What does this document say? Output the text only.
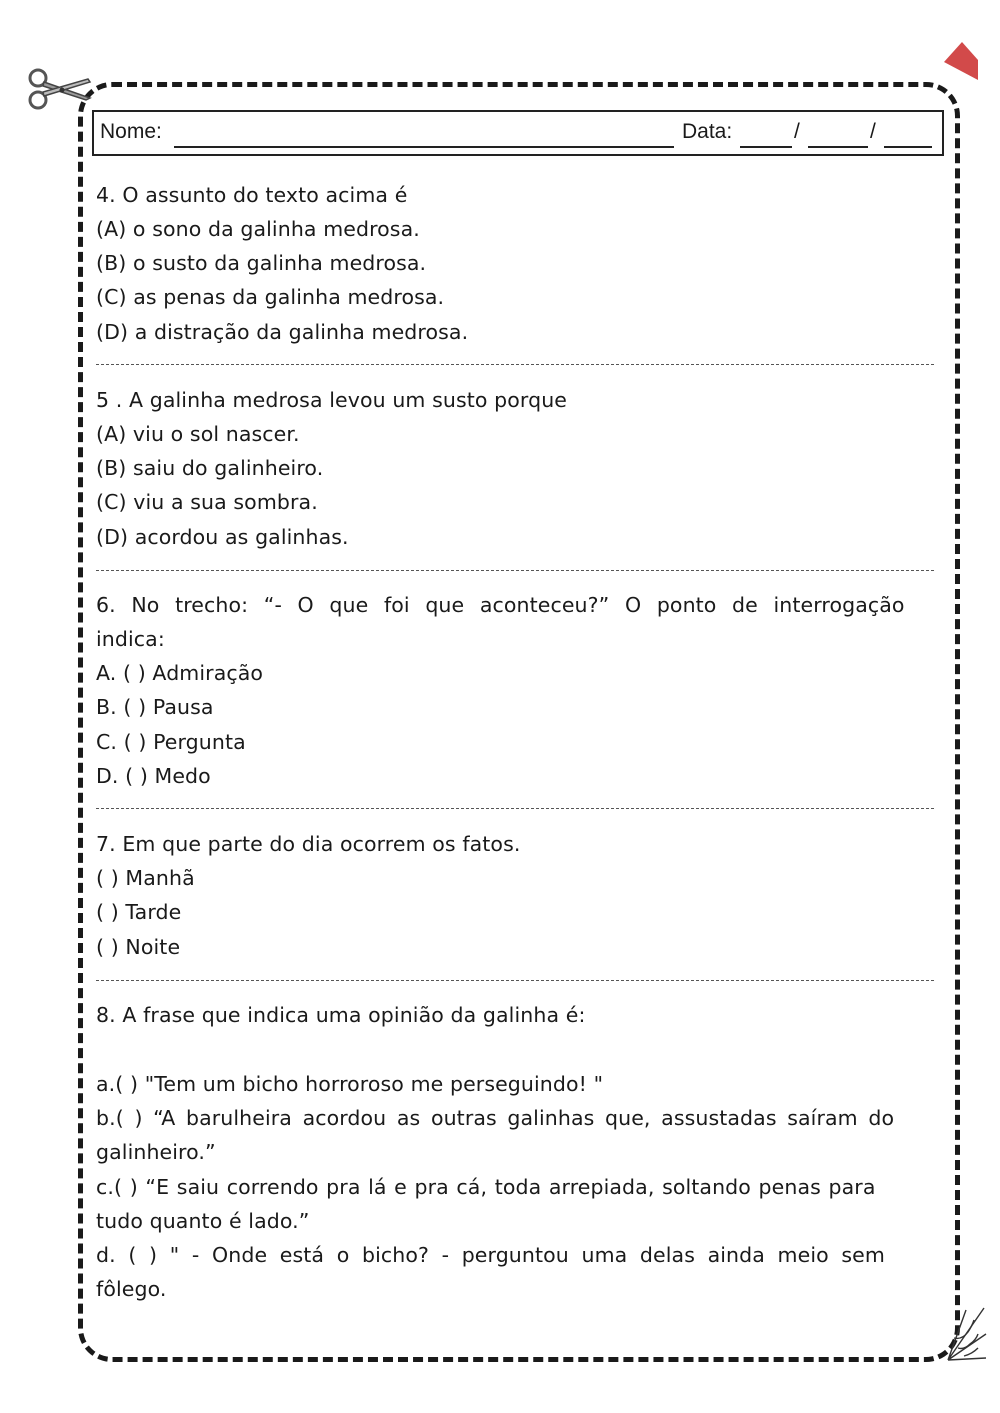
Nome:	Data:	/	/
4. O assunto do texto acima é
(A) o sono da galinha medrosa.
(B) o susto da galinha medrosa.
(C) as penas da galinha medrosa.
(D) a distração da galinha medrosa.
5 . A galinha medrosa levou um susto porque
(A) viu o sol nascer.
(B) saiu do galinheiro.
(C) viu a sua sombra.
(D) acordou as galinhas.
6. No trecho: “- O que foi que aconteceu?” O ponto de interrogação
indica:
A. ( ) Admiração
B. ( ) Pausa
C. ( ) Pergunta
D. ( ) Medo
7. Em que parte do dia ocorrem os fatos.
( ) Manhã
( ) Tarde
( ) Noite
8. A frase que indica uma opinião da galinha é:
a.( ) "Tem um bicho horroroso me perseguindo! "
b.( ) “A barulheira acordou as outras galinhas que, assustadas saíram do
galinheiro.”
c.( ) “E saiu correndo pra lá e pra cá, toda arrepiada, soltando penas para
tudo quanto é lado.”
d. ( ) " - Onde está o bicho? - perguntou uma delas ainda meio sem
fôlego.
